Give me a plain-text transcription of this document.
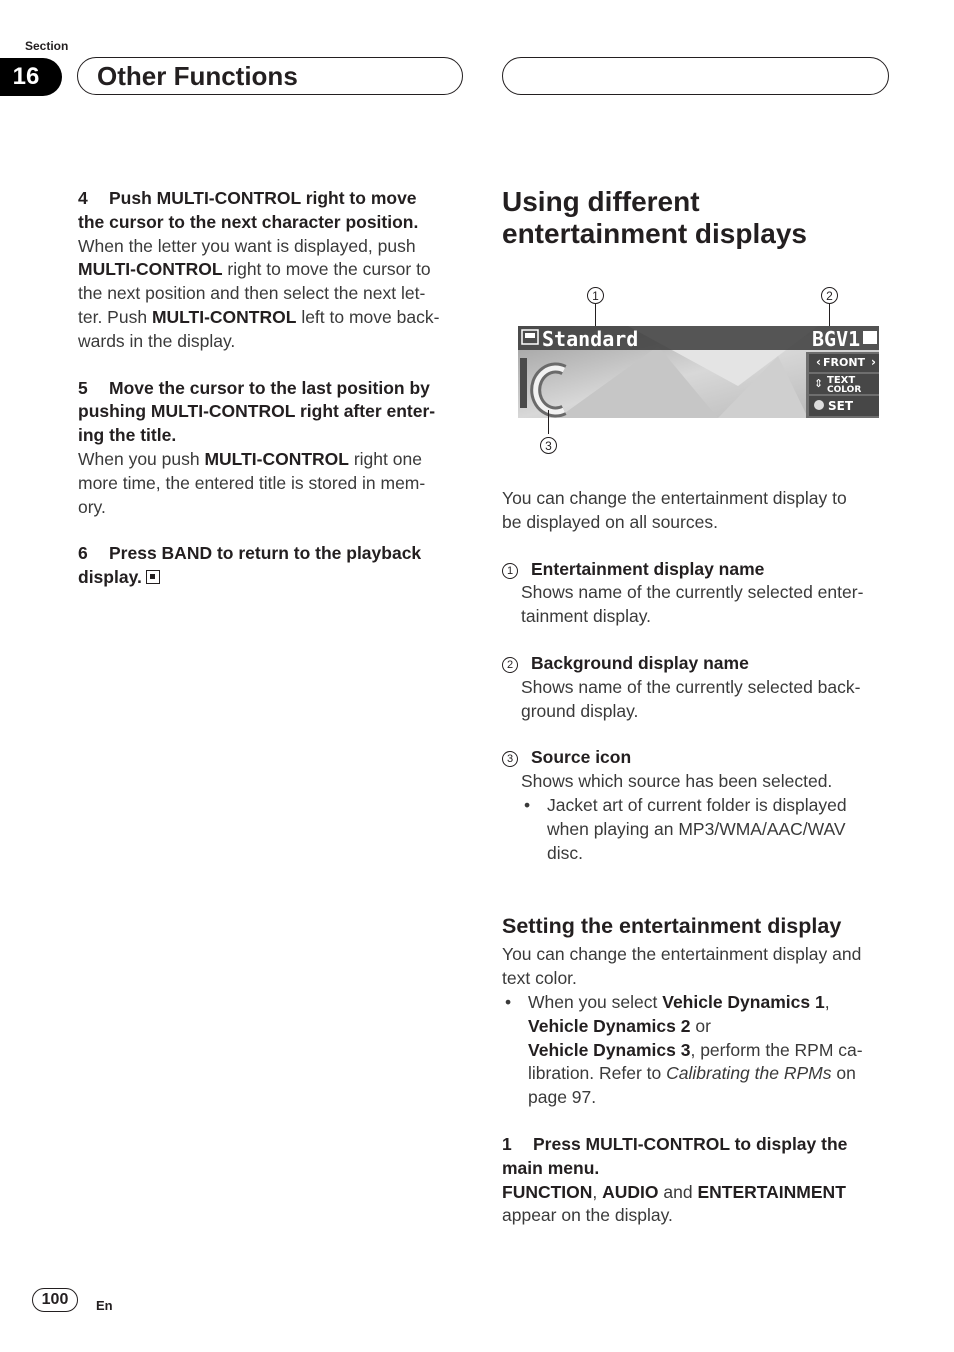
Section
16	Other Functions

4 Push MULTI-CONTROL right to move

the cursor to the next character position.

When the letter you want is displayed, push

MULTI-CONTROL right to move the cursor to

the next position and then select the next let-

ter. Push MULTI-CONTROL left to move back-

wards in the display.

5 Move the cursor to the last position by

pushing MULTI-CONTROL right after enter-

ing the title.

When you push MULTI-CONTROL right one

more time, the entered title is stored in mem-

ory.

6 Press BAND to return to the playback

display.

Using different
entertainment displays
1	2
Standard	BGV1
‹ FRONT ›
TEXT
COLOR
⇕
SET
3

You can change the entertainment display to

be displayed on all sources.

1 Entertainment display name

Shows name of the currently selected enter-

tainment display.

2 Background display name

Shows name of the currently selected back-

ground display.

3 Source icon

Shows which source has been selected.

• Jacket art of current folder is displayed
when playing an MP3/WMA/AAC/WAV
disc.

Setting the entertainment display

You can change the entertainment display and

text color.

• When you select Vehicle Dynamics 1,
Vehicle Dynamics 2 or
Vehicle Dynamics 3, perform the RPM ca-
libration. Refer to Calibrating the RPMs on
page 97.

1 Press MULTI-CONTROL to display the

main menu.

FUNCTION, AUDIO and ENTERTAINMENT

appear on the display.

100	En
